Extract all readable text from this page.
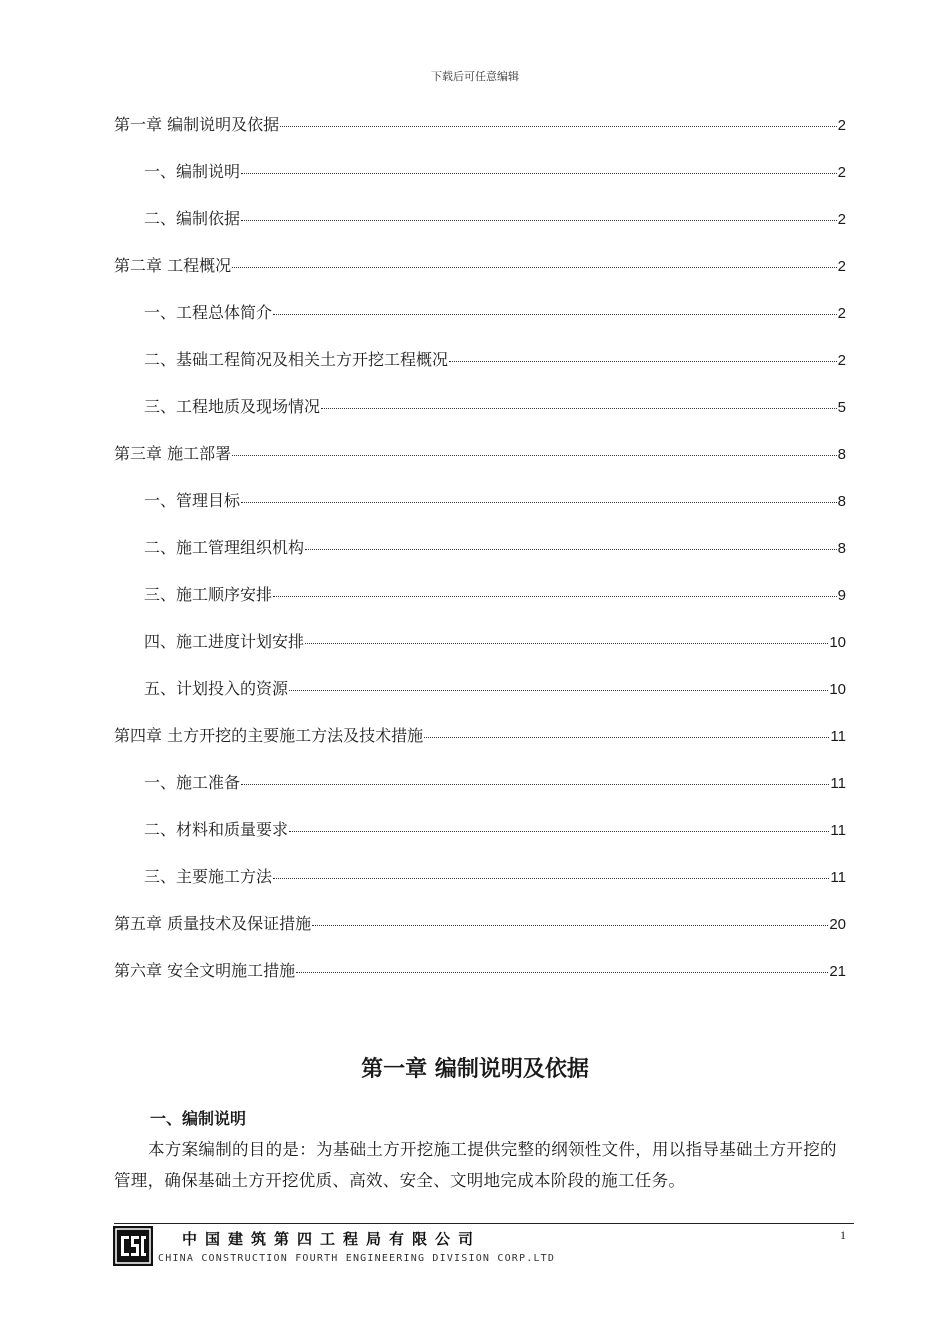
下载后可任意编辑
第一章 编制说明及依据	2
一、编制说明	2
二、编制依据	2
第二章 工程概况	2
一、工程总体简介	2
二、基础工程简况及相关土方开挖工程概况	2
三、工程地质及现场情况	5
第三章 施工部署	8
一、管理目标	8
二、施工管理组织机构	8
三、施工顺序安排	9
四、施工进度计划安排	10
五、计划投入的资源	10
第四章 土方开挖的主要施工方法及技术措施	11
一、施工准备	11
二、材料和质量要求	11
三、主要施工方法	11
第五章 质量技术及保证措施	20
第六章 安全文明施工措施	21
第一章 编制说明及依据
一、编制说明
本方案编制的目的是：为基础土方开挖施工提供完整的纲领性文件，用以指导基础土方开挖的管理，确保基础土方开挖优质、高效、安全、文明地完成本阶段的施工任务。
中国建筑第四工程局有限公司
CHINA CONSTRUCTION FOURTH ENGINEERING DIVISION CORP.LTD
1
